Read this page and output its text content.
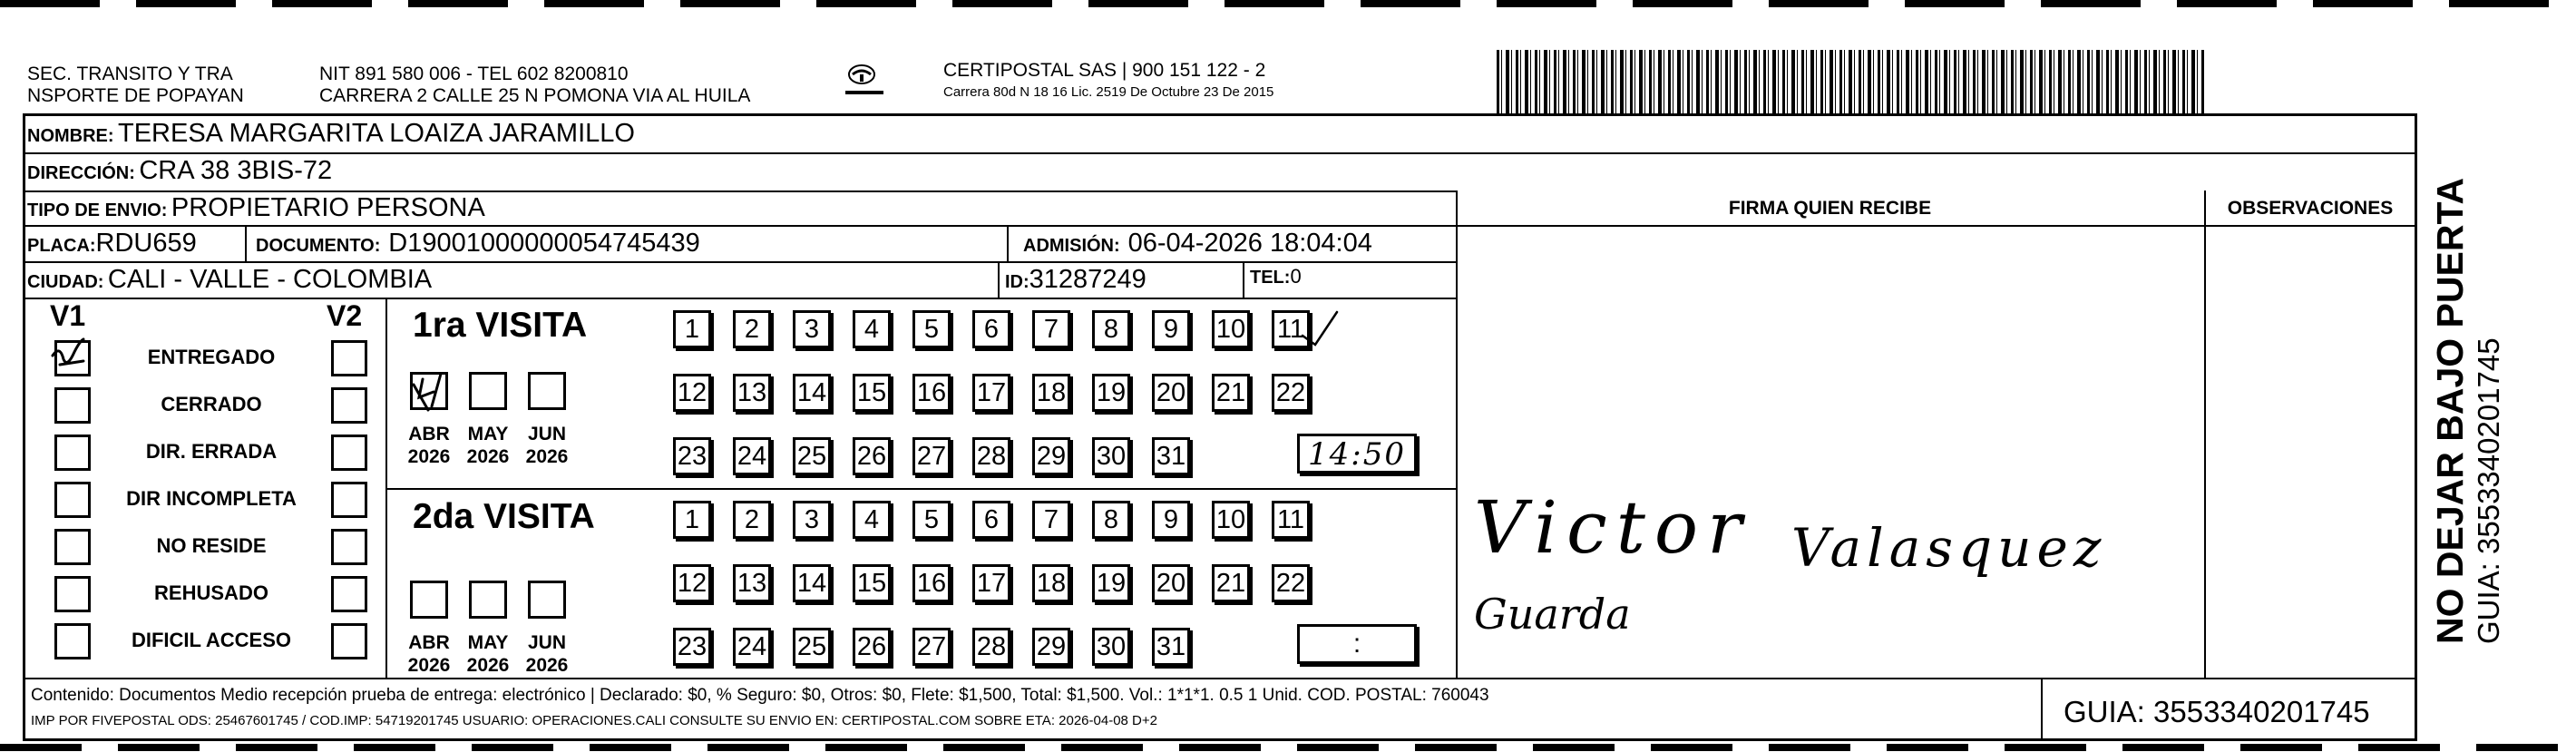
SEC. TRANSITO Y TRA
NSPORTE DE POPAYAN
NIT 891 580 006 - TEL 602 8200810
CARRERA 2 CALLE 25 N POMONA VIA AL HUILA
CERTIPOSTAL SAS | 900 151 122 - 2
Carrera 80d N 18 16 Lic. 2519 De Octubre 23 De 2015
NOMBRE:
TERESA MARGARITA LOAIZA JARAMILLO
DIRECCIÓN:
CRA 38 3BIS-72
TIPO DE ENVIO:
PROPIETARIO PERSONA
PLACA: RDU659	DOCUMENTO:
D19001000000054745439	ADMISIÓN:
06-04-2026 18:04:04
CIUDAD:
CALI - VALLE - COLOMBIA	ID: 31287249	TEL: 0
FIRMA QUIEN RECIBE	OBSERVACIONES
V1	V2
ENTREGADO
CERRADO
DIR. ERRADA
DIR INCOMPLETA
NO RESIDE
REHUSADO
DIFICIL ACCESO
1ra VISITA
2da VISITA
ABR
2026
MAY
2026
JUN
2026
ABR
2026
MAY
2026
JUN
2026
1	2	3	4	5	6	7	8	9	10 11
12 13 14 15 16 17 18 19 20 21 22
23 24 25 26 27 28 29 30 31
1	2	3	4	5	6	7	8	9	10 11
12 13 14 15 16 17 18 19 20 21 22
23 24 25 26 27 28 29 30 31
14:50
:
Victor Valasquez
Guarda	NO DEJAR BAJO PUERTA GUIA: 3553340201745
Contenido: Documentos Medio recepción prueba de entrega: electrónico | Declarado: $0, % Seguro: $0, Otros: $0, Flete: $1,500, Total: $1,500. Vol.: 1*1*1. 0.5 1 Unid. COD. POSTAL: 760043
IMP POR FIVEPOSTAL ODS: 25467601745 / COD.IMP: 54719201745 USUARIO: OPERACIONES.CALI CONSULTE SU ENVIO EN: CERTIPOSTAL.COM SOBRE ETA: 2026-04-08 D+2	GUIA: 3553340201745
